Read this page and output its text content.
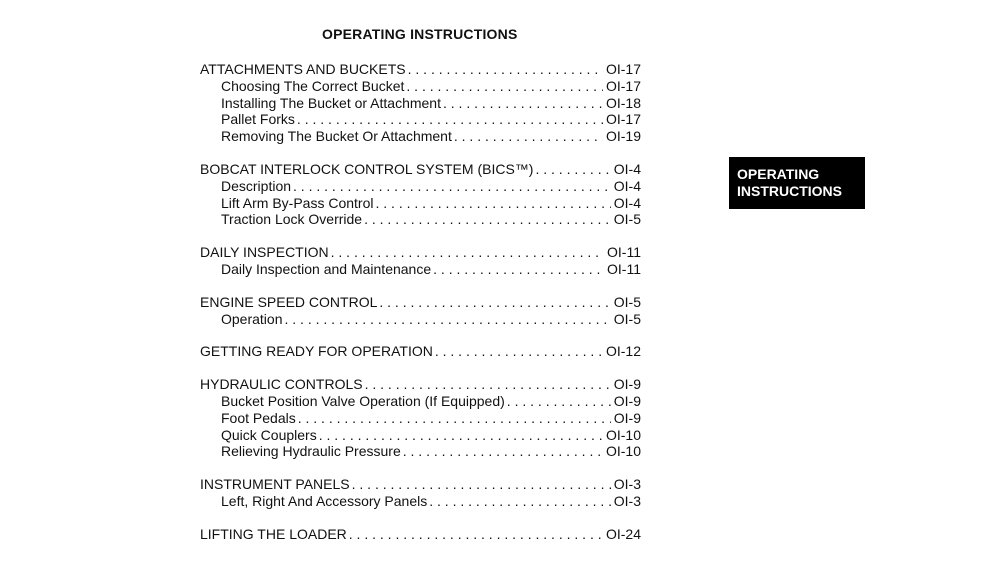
OPERATING INSTRUCTIONS
ATTACHMENTS AND BUCKETS . . .	OI-17
Choosing The Correct Bucket . . .	OI-17
Installing The Bucket or Attachment . . .	OI-18
Pallet Forks . . .	OI-17
Removing The Bucket Or Attachment . . .	OI-19
BOBCAT INTERLOCK CONTROL SYSTEM (BICS™) . . .	OI-4
Description . . .	OI-4
Lift Arm By-Pass Control . . .	OI-4
Traction Lock Override . . .	OI-5
DAILY INSPECTION . . .	OI-11
Daily Inspection and Maintenance . . .	OI-11
ENGINE SPEED CONTROL . . .	OI-5
Operation . . .	OI-5
GETTING READY FOR OPERATION . . .	OI-12
HYDRAULIC CONTROLS . . .	OI-9
Bucket Position Valve Operation (If Equipped) . . .	OI-9
Foot Pedals . . .	OI-9
Quick Couplers . . .	OI-10
Relieving Hydraulic Pressure . . .	OI-10
INSTRUMENT PANELS . . .	OI-3
Left, Right And Accessory Panels . . .	OI-3
LIFTING THE LOADER . . .	OI-24
OPERATING
INSTRUCTIONS
